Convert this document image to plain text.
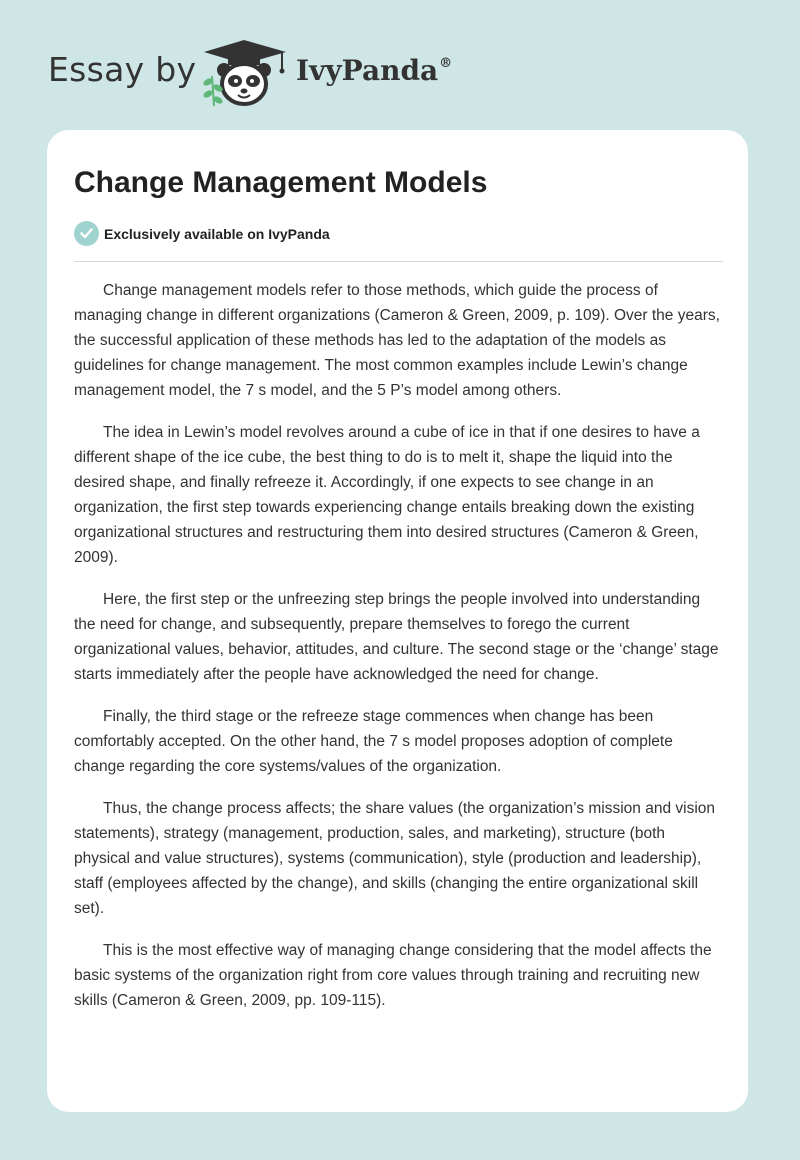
Essay by	IvyPanda®
Change Management Models
Exclusively available on IvyPanda

Change management models refer to those methods, which guide the process of managing change in different organizations (Cameron & Green, 2009, p. 109). Over the years, the successful application of these methods has led to the adaptation of the models as guidelines for change management. The most common examples include Lewin’s change management model, the 7 s model, and the 5 P’s model among others.

The idea in Lewin’s model revolves around a cube of ice in that if one desires to have a different shape of the ice cube, the best thing to do is to melt it, shape the liquid into the desired shape, and finally refreeze it. Accordingly, if one expects to see change in an organization, the first step towards experiencing change entails breaking down the existing organizational structures and restructuring them into desired structures (Cameron & Green, 2009).

Here, the first step or the unfreezing step brings the people involved into understanding the need for change, and subsequently, prepare themselves to forego the current organizational values, behavior, attitudes, and culture. The second stage or the ‘change’ stage starts immediately after the people have acknowledged the need for change.

Finally, the third stage or the refreeze stage commences when change has been comfortably accepted. On the other hand, the 7 s model proposes adoption of complete change regarding the core systems/values of the organization.

Thus, the change process affects; the share values (the organization’s mission and vision statements), strategy (management, production, sales, and marketing), structure (both physical and value structures), systems (communication), style (production and leadership), staff (employees affected by the change), and skills (changing the entire organizational skill set).

This is the most effective way of managing change considering that the model affects the basic systems of the organization right from core values through training and recruiting new skills (Cameron & Green, 2009, pp. 109-115).
